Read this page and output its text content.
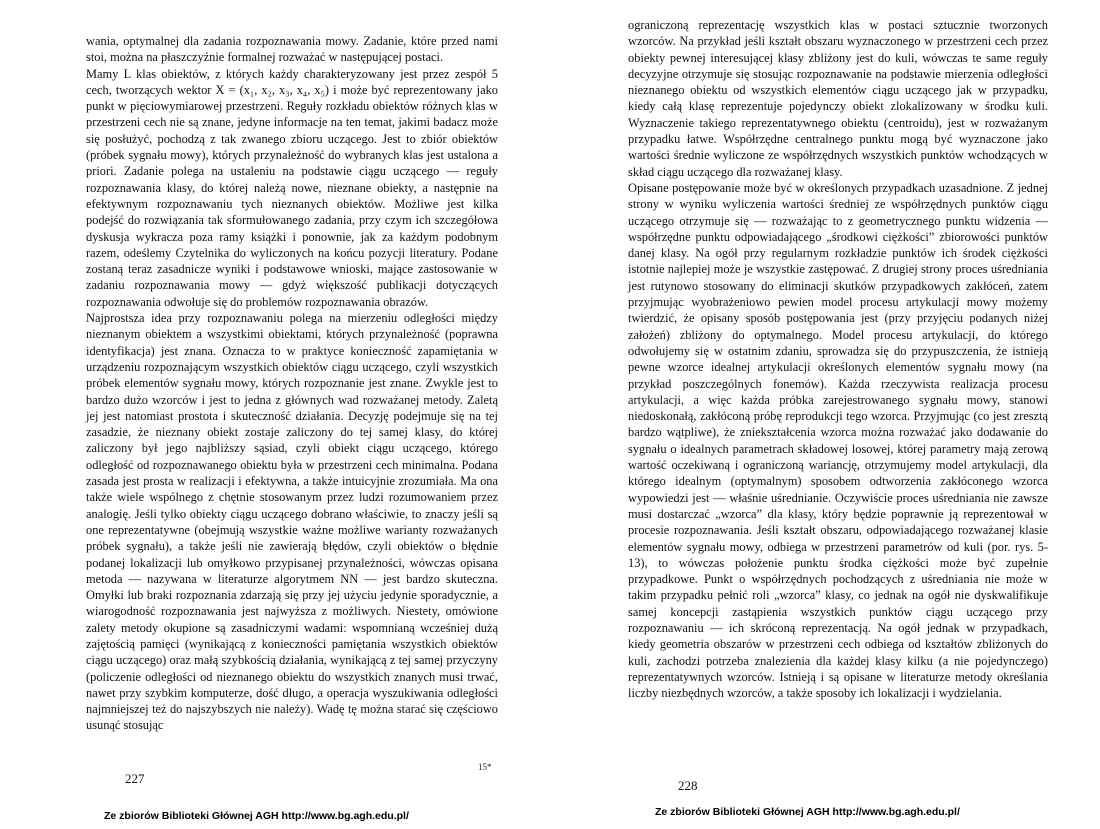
wania, optymalnej dla zadania rozpoznawania mowy. Zadanie, które przed nami stoi, można na płaszczyźnie formalnej rozważać w następującej postaci.

Mamy L klas obiektów, z których każdy charakteryzowany jest przez zespół 5 cech, tworzących wektor X = (x₁, x₂, x₃, x₄, x₅) i może być reprezentowany jako punkt w pięciowymiarowej przestrzeni. Reguły rozkładu obiektów różnych klas w przestrzeni cech nie są znane, jedyne informacje na ten temat, jakimi badacz może się posłużyć, pochodzą z tak zwanego zbioru uczącego. Jest to zbiór obiektów (próbek sygnału mowy), których przynależność do wybranych klas jest ustalona a priori. Zadanie polega na ustaleniu na podstawie ciągu uczącego — reguły rozpoznawania klasy, do której należą nowe, nieznane obiekty, a następnie na efektywnym rozpoznawaniu tych nieznanych obiektów. Możliwe jest kilka podejść do rozwiązania tak sformułowanego zadania, przy czym ich szczegółowa dyskusja wykracza poza ramy książki i ponownie, jak za każdym podobnym razem, odeślemy Czytelnika do wyliczonych na końcu pozycji literatury. Podane zostaną teraz zasadnicze wyniki i podstawowe wnioski, mające zastosowanie w zadaniu rozpoznawania mowy — gdyż większość publikacji dotyczących rozpoznawania odwołuje się do problemów rozpoznawania obrazów.

Najprostsza idea przy rozpoznawaniu polega na mierzeniu odległości między nieznanym obiektem a wszystkimi obiektami, których przynależność (poprawna identyfikacja) jest znana. Oznacza to w praktyce konieczność zapamiętania w urządzeniu rozpoznającym wszystkich obiektów ciągu uczącego, czyli wszystkich próbek elementów sygnału mowy, których rozpoznanie jest znane. Zwykle jest to bardzo dużo wzorców i jest to jedna z głównych wad rozważanej metody. Zaletą jej jest natomiast prostota i skuteczność działania. Decyzję podejmuje się na tej zasadzie, że nieznany obiekt zostaje zaliczony do tej samej klasy, do której zaliczony był jego najbliższy sąsiad, czyli obiekt ciągu uczącego, którego odległość od rozpoznawanego obiektu była w przestrzeni cech minimalna. Podana zasada jest prosta w realizacji i efektywna, a także intuicyjnie zrozumiała. Ma ona także wiele wspólnego z chętnie stosowanym przez ludzi rozumowaniem przez analogię. Jeśli tylko obiekty ciągu uczącego dobrano właściwie, to znaczy jeśli są one reprezentatywne (obejmują wszystkie ważne możliwe warianty rozważanych próbek sygnału), a także jeśli nie zawierają błędów, czyli obiektów o błędnie podanej lokalizacji lub omyłkowo przypisanej przynależności, wówczas opisana metoda — nazywana w literaturze algorytmem NN — jest bardzo skuteczna. Omyłki lub braki rozpoznania zdarzają się przy jej użyciu jedynie sporadycznie, a wiarogodność rozpoznawania jest najwyższa z możliwych. Niestety, omówione zalety metody okupione są zasadniczymi wadami: wspomnianą wcześniej dużą zajętością pamięci (wynikającą z konieczności pamiętania wszystkich obiektów ciągu uczącego) oraz małą szybkością działania, wynikającą z tej samej przyczyny (policzenie odległości od nieznanego obiektu do wszystkich znanych musi trwać, nawet przy szybkim komputerze, dość długo, a operacja wyszukiwania odległości najmniejszej też do najszybszych nie należy). Wadę tę można starać się częściowo usunąć stosując

227
15*
Ze zbiorów Biblioteki Głównej AGH http://www.bg.agh.edu.pl/

ograniczoną reprezentację wszystkich klas w postaci sztucznie tworzonych wzorców. Na przykład jeśli kształt obszaru wyznaczonego w przestrzeni cech przez obiekty pewnej interesującej klasy zbliżony jest do kuli, wówczas te same reguły decyzyjne otrzymuje się stosując rozpoznawanie na podstawie mierzenia odległości nieznanego obiektu od wszystkich elementów ciągu uczącego jak w przypadku, kiedy całą klasę reprezentuje pojedynczy obiekt zlokalizowany w środku kuli. Wyznaczenie takiego reprezentatywnego obiektu (centroidu), jest w rozważanym przypadku łatwe. Współrzędne centralnego punktu mogą być wyznaczone jako wartości średnie wyliczone ze współrzędnych wszystkich punktów wchodzących w skład ciągu uczącego dla rozważanej klasy.

Opisane postępowanie może być w określonych przypadkach uzasadnione. Z jednej strony w wyniku wyliczenia wartości średniej ze współrzędnych punktów ciągu uczącego otrzymuje się — rozważając to z geometrycznego punktu widzenia — współrzędne punktu odpowiadającego „środkowi ciężkości” zbiorowości punktów danej klasy. Na ogół przy regularnym rozkładzie punktów ich środek ciężkości istotnie najlepiej może je wszystkie zastępować. Z drugiej strony proces uśredniania jest rutynowo stosowany do eliminacji skutków przypadkowych zakłóceń, zatem przyjmując wyobrażeniowo pewien model procesu artykulacji mowy możemy twierdzić, że opisany sposób postępowania jest (przy przyjęciu podanych niżej założeń) zbliżony do optymalnego. Model procesu artykulacji, do którego odwołujemy się w ostatnim zdaniu, sprowadza się do przypuszczenia, że istnieją pewne wzorce idealnej artykulacji określonych elementów sygnału mowy (na przykład poszczególnych fonemów). Każda rzeczywista realizacja procesu artykulacji, a więc każda próbka zarejestrowanego sygnału mowy, stanowi niedoskonałą, zakłóconą próbę reprodukcji tego wzorca. Przyjmując (co jest zresztą bardzo wątpliwe), że zniekształcenia wzorca można rozważać jako dodawanie do sygnału o idealnych parametrach składowej losowej, której parametry mają zerową wartość oczekiwaną i ograniczoną wariancję, otrzymujemy model artykulacji, dla którego idealnym (optymalnym) sposobem odtworzenia zakłóconego wzorca wypowiedzi jest — właśnie uśrednianie. Oczywiście proces uśredniania nie zawsze musi dostarczać „wzorca” dla klasy, który będzie poprawnie ją reprezentował w procesie rozpoznawania. Jeśli kształt obszaru, odpowiadającego rozważanej klasie elementów sygnału mowy, odbiega w przestrzeni parametrów od kuli (por. rys. 5-13), to wówczas położenie punktu środka ciężkości może być zupełnie przypadkowe. Punkt o współrzędnych pochodzących z uśredniania nie może w takim przypadku pełnić roli „wzorca” klasy, co jednak na ogół nie dyskwalifikuje samej koncepcji zastąpienia wszystkich punktów ciągu uczącego przy rozpoznawaniu — ich skróconą reprezentacją. Na ogół jednak w przypadkach, kiedy geometria obszarów w przestrzeni cech odbiega od kształtów zbliżonych do kuli, zachodzi potrzeba znalezienia dla każdej klasy kilku (a nie pojedynczego) reprezentatywnych wzorców. Istnieją i są opisane w literaturze metody określania liczby niezbędnych wzorców, a także sposoby ich lokalizacji i wydzielania.

228
Ze zbiorów Biblioteki Głównej AGH http://www.bg.agh.edu.pl/
